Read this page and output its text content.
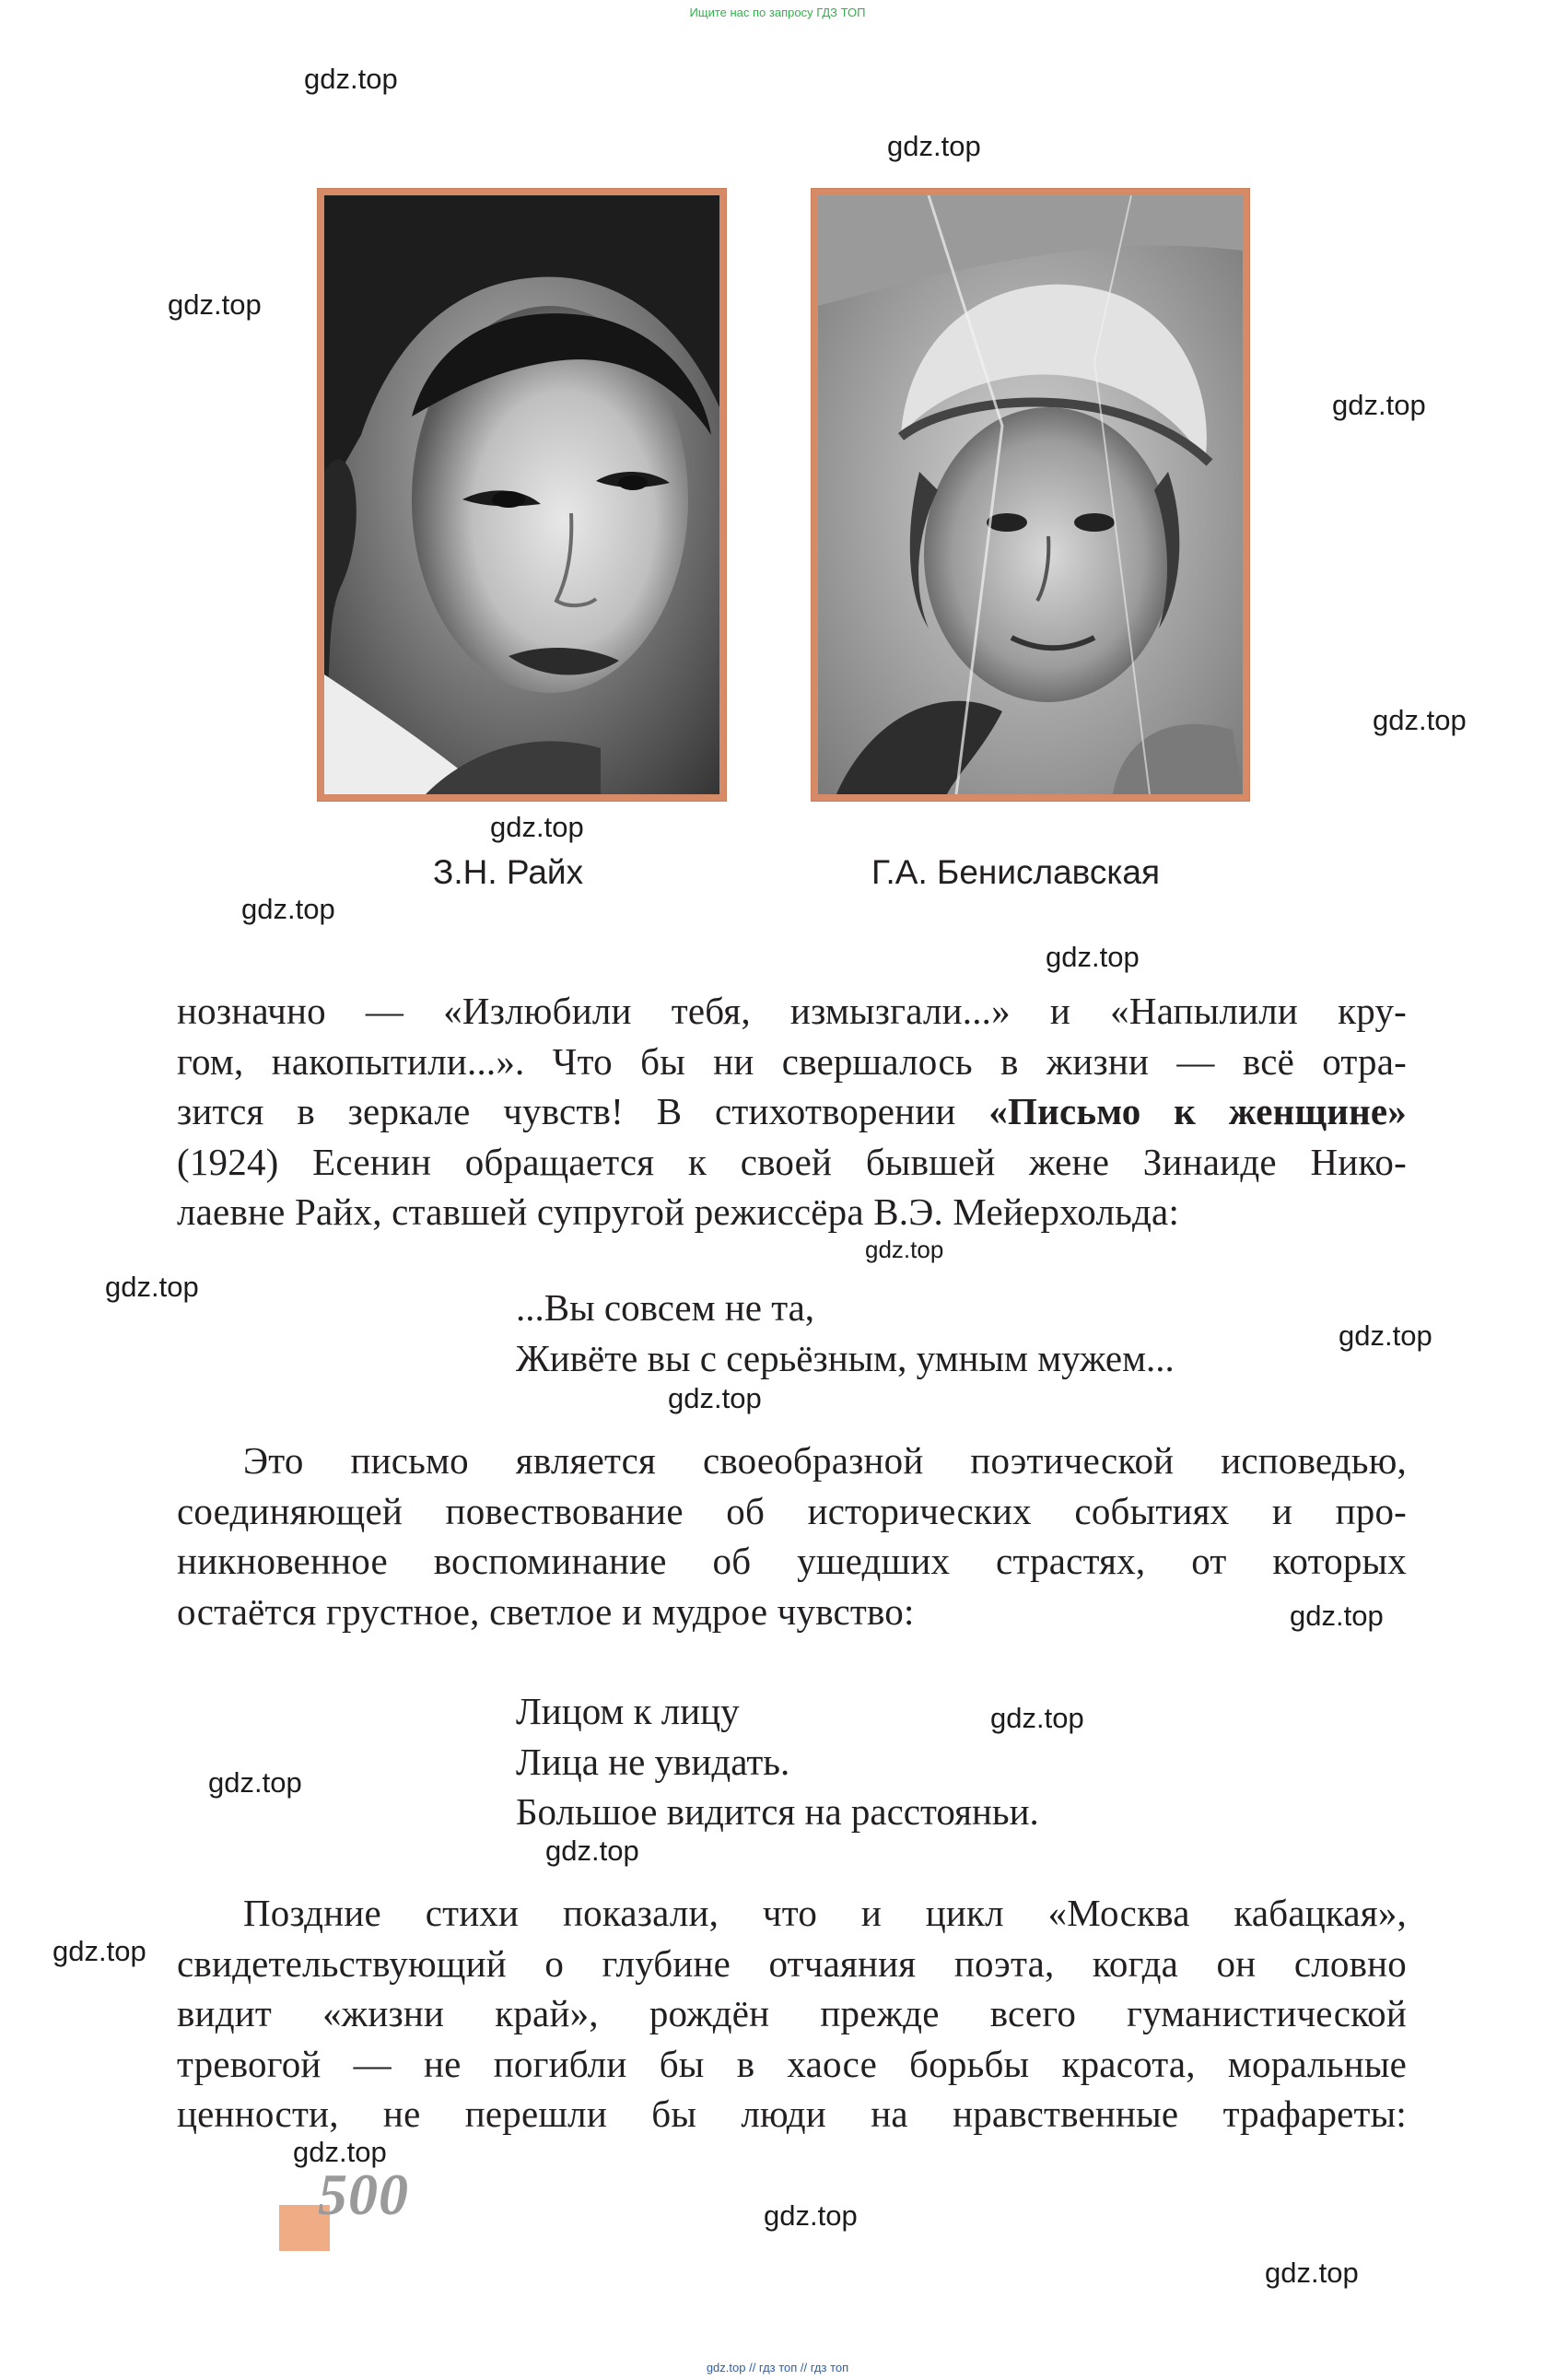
Ищите нас по запросу ГДЗ ТОП
gdz.top
gdz.top
gdz.top
gdz.top
gdz.top
gdz.top
gdz.top
gdz.top
gdz.top
gdz.top
gdz.top
gdz.top
gdz.top
gdz.top
gdz.top
gdz.top
gdz.top
gdz.top
gdz.top
gdz.top
З.Н. Райх	Г.А. Бениславская
нозначно — «Излюбили тебя, измызгали...» и «Напылили кру-
гом, накопытили...». Что бы ни свершалось в жизни — всё отра-
зится в зеркале чувств! В стихотворении «Письмо к женщине»
(1924) Есенин обращается к своей бывшей жене Зинаиде Нико-
лаевне Райх, ставшей супругой режиссёра В.Э. Мейерхольда:
...Вы совсем не та,
Живёте вы с серьёзным, умным мужем...
Это письмо является своеобразной поэтической исповедью,
соединяющей повествование об исторических событиях и про-
никновенное воспоминание об ушедших страстях, от которых
остаётся грустное, светлое и мудрое чувство:
Лицом к лицу
Лица не увидать.
Большое видится на расстояньи.
Поздние стихи показали, что и цикл «Москва кабацкая»,
свидетельствующий о глубине отчаяния поэта, когда он словно
видит «жизни край», рождён прежде всего гуманистической
тревогой — не погибли бы в хаосе борьбы красота, моральные
ценности, не перешли бы люди на нравственные трафареты:
500
gdz.top // гдз топ // гдз топ
